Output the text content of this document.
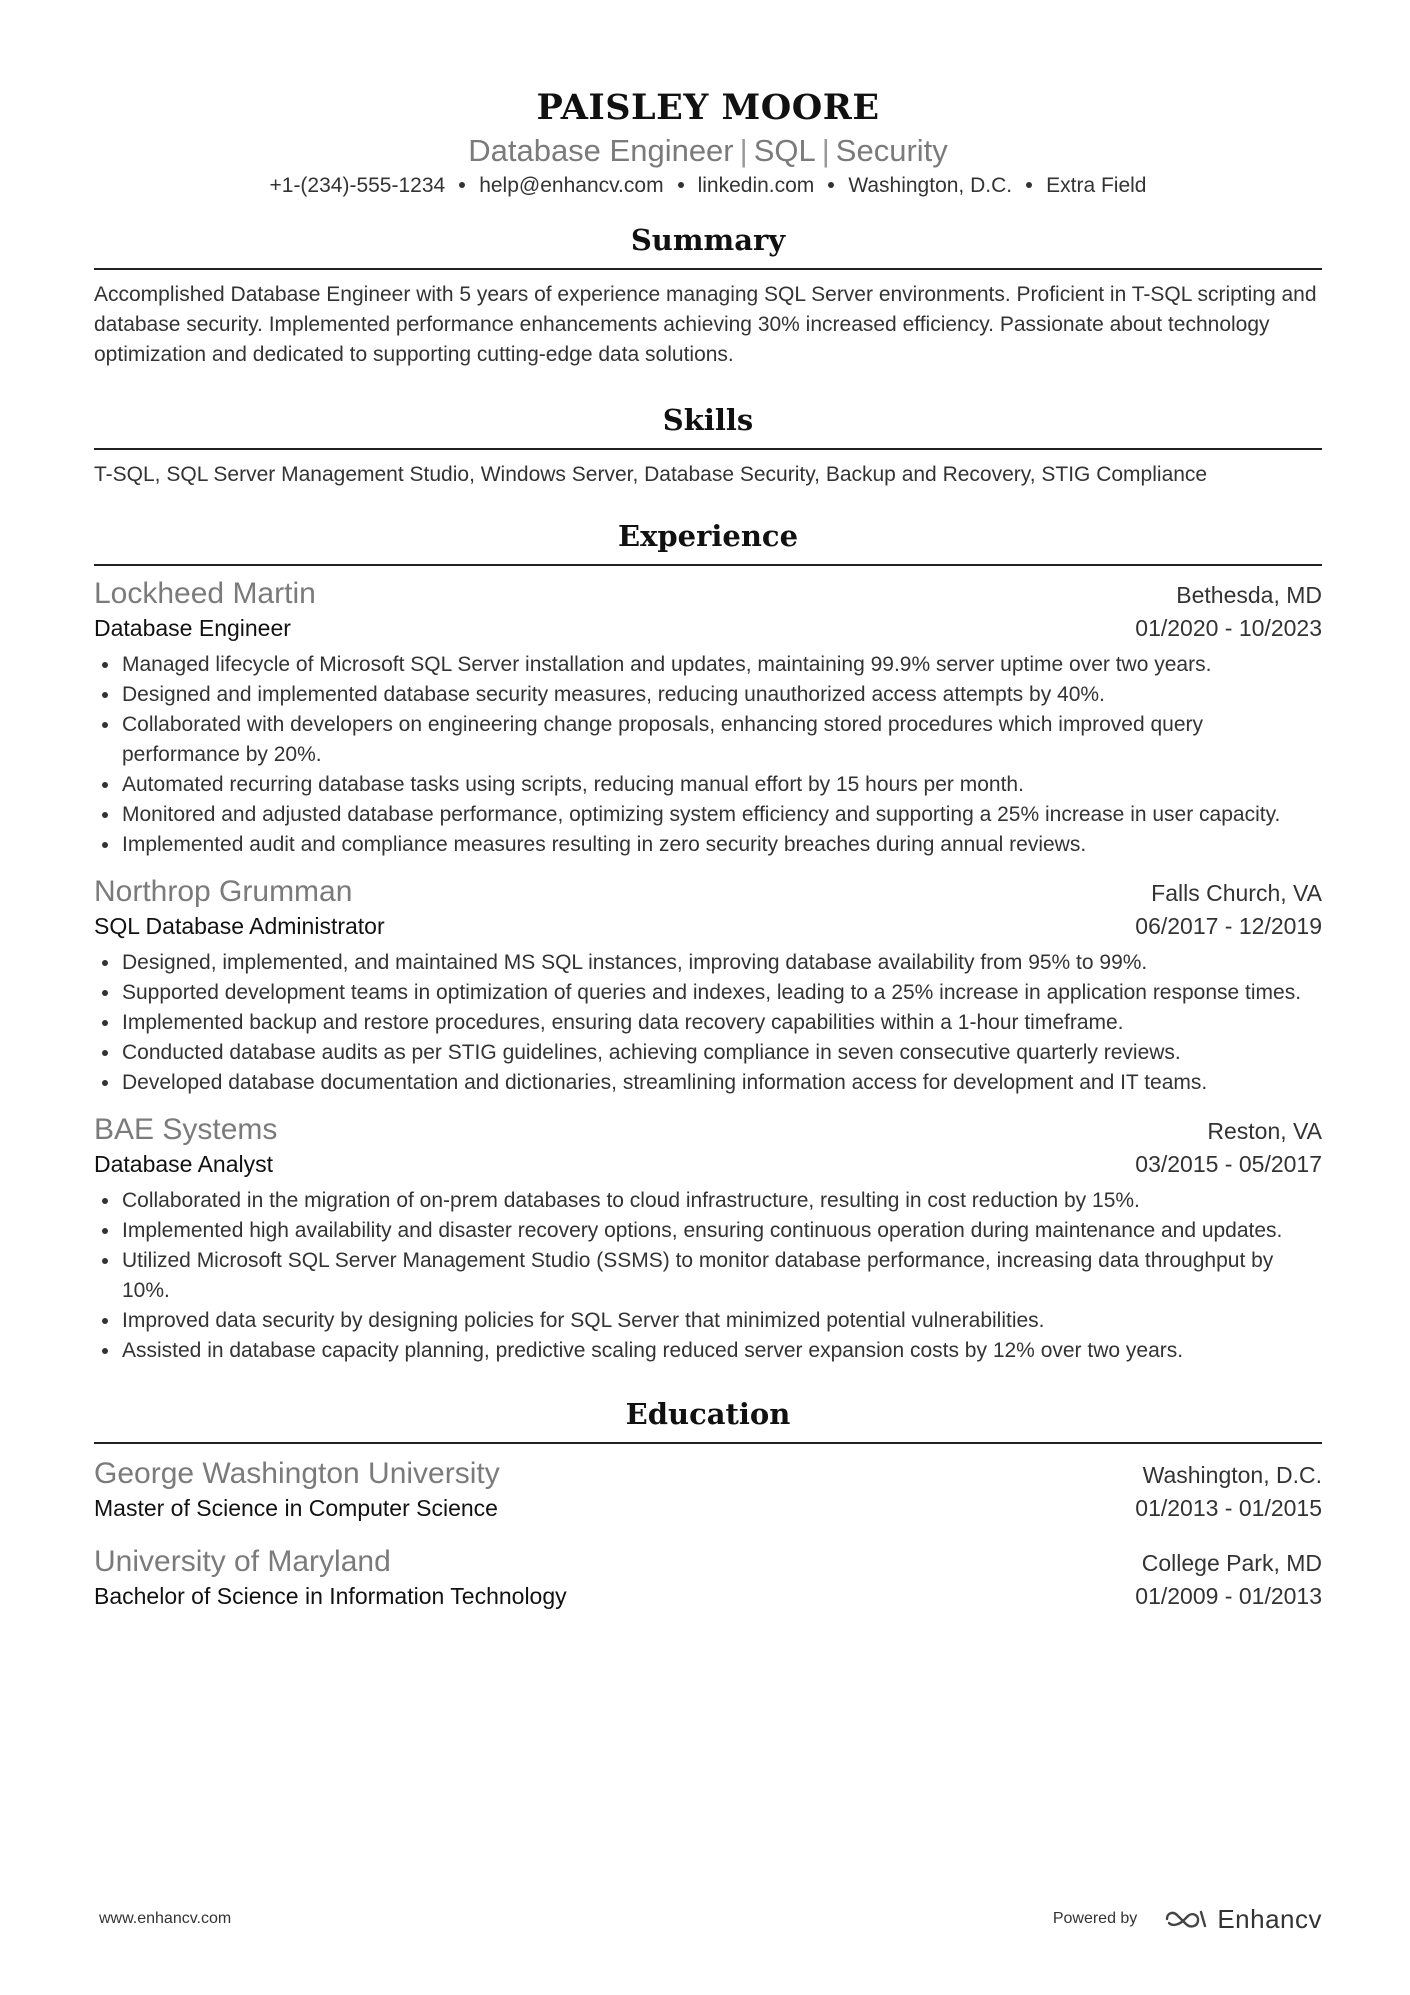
PAISLEY MOORE
Database Engineer | SQL | Security
+1-(234)-555-1234 help@enhancv.com linkedin.com Washington, D.C. Extra Field
Summary
Accomplished Database Engineer with 5 years of experience managing SQL Server environments. Proficient in T-SQL scripting and database security. Implemented performance enhancements achieving 30% increased efficiency. Passionate about technology optimization and dedicated to supporting cutting-edge data solutions.
Skills
T-SQL, SQL Server Management Studio, Windows Server, Database Security, Backup and Recovery, STIG Compliance
Experience
Lockheed Martin	Bethesda, MD
Database Engineer	01/2020 - 10/2023
Managed lifecycle of Microsoft SQL Server installation and updates, maintaining 99.9% server uptime over two years.
Designed and implemented database security measures, reducing unauthorized access attempts by 40%.
Collaborated with developers on engineering change proposals, enhancing stored procedures which improved query performance by 20%.
Automated recurring database tasks using scripts, reducing manual effort by 15 hours per month.
Monitored and adjusted database performance, optimizing system efficiency and supporting a 25% increase in user capacity.
Implemented audit and compliance measures resulting in zero security breaches during annual reviews.
Northrop Grumman	Falls Church, VA
SQL Database Administrator	06/2017 - 12/2019
Designed, implemented, and maintained MS SQL instances, improving database availability from 95% to 99%.
Supported development teams in optimization of queries and indexes, leading to a 25% increase in application response times.
Implemented backup and restore procedures, ensuring data recovery capabilities within a 1-hour timeframe.
Conducted database audits as per STIG guidelines, achieving compliance in seven consecutive quarterly reviews.
Developed database documentation and dictionaries, streamlining information access for development and IT teams.
BAE Systems	Reston, VA
Database Analyst	03/2015 - 05/2017
Collaborated in the migration of on-prem databases to cloud infrastructure, resulting in cost reduction by 15%.
Implemented high availability and disaster recovery options, ensuring continuous operation during maintenance and updates.
Utilized Microsoft SQL Server Management Studio (SSMS) to monitor database performance, increasing data throughput by 10%.
Improved data security by designing policies for SQL Server that minimized potential vulnerabilities.
Assisted in database capacity planning, predictive scaling reduced server expansion costs by 12% over two years.
Education
George Washington University	Washington, D.C.
Master of Science in Computer Science	01/2013 - 01/2015
University of Maryland	College Park, MD
Bachelor of Science in Information Technology	01/2009 - 01/2013
www.enhancv.com	Powered by	Enhancv
